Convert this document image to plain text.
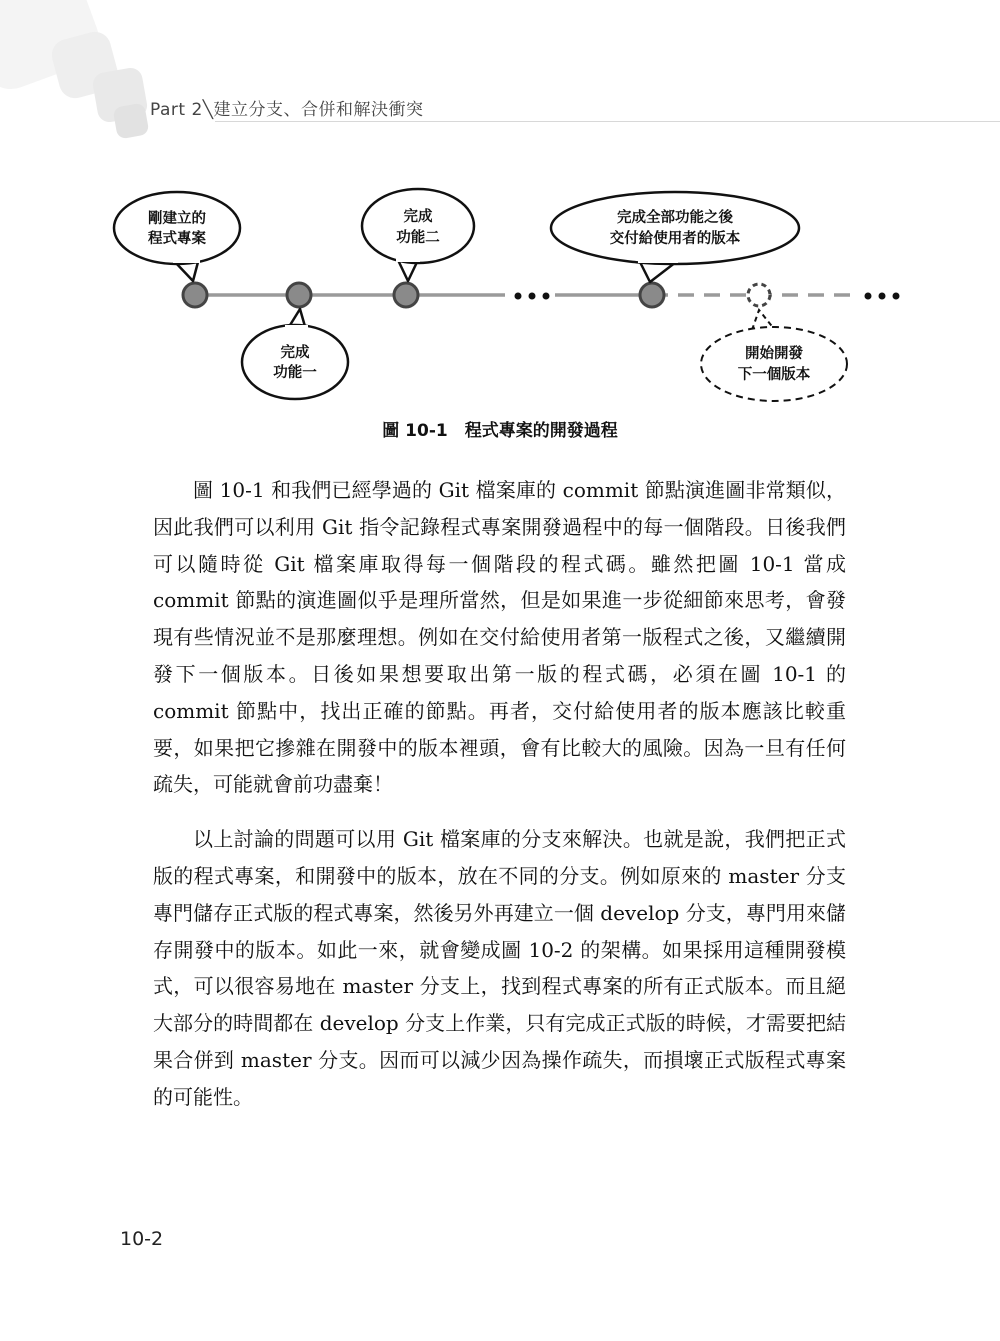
Part 2╲建立分支、合併和解決衝突
剛建立的
程式專案
完成
功能一
完成
功能二
完成全部功能之後
交付給使用者的版本
開始開發
下一個版本
圖 10-1　程式專案的開發過程

圖 10-1 和我們已經學過的 Git 檔案庫的 commit 節點演進圖非常類似，因此我們可以利用 Git 指令記錄程式專案開發過程中的每一個階段。日後我們可以隨時從 Git 檔案庫取得每一個階段的程式碼。雖然把圖 10-1 當成 commit 節點的演進圖似乎是理所當然，但是如果進一步從細節來思考，會發現有些情況並不是那麼理想。例如在交付給使用者第一版程式之後，又繼續開發下一個版本。日後如果想要取出第一版的程式碼，必須在圖 10-1 的 commit 節點中，找出正確的節點。再者，交付給使用者的版本應該比較重要，如果把它摻雜在開發中的版本裡頭，會有比較大的風險。因為一旦有任何疏失，可能就會前功盡棄！

以上討論的問題可以用 Git 檔案庫的分支來解決。也就是說，我們把正式版的程式專案，和開發中的版本，放在不同的分支。例如原來的 master 分支專門儲存正式版的程式專案，然後另外再建立一個 develop 分支，專門用來儲存開發中的版本。如此一來，就會變成圖 10-2 的架構。如果採用這種開發模式，可以很容易地在 master 分支上，找到程式專案的所有正式版本。而且絕大部分的時間都在 develop 分支上作業，只有完成正式版的時候，才需要把結果合併到 master 分支。因而可以減少因為操作疏失，而損壞正式版程式專案的可能性。

10-2
